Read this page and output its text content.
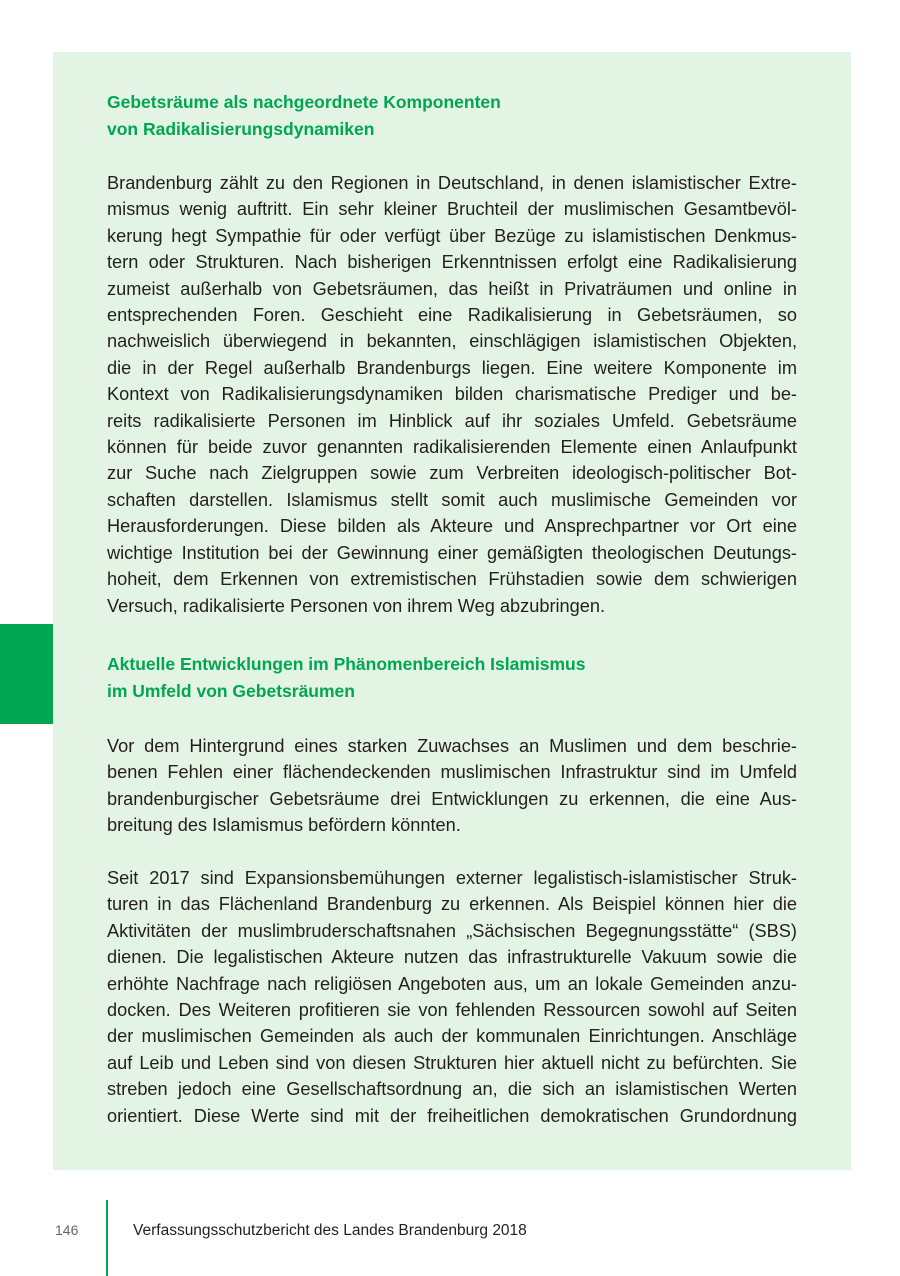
Gebetsräume als nachgeordnete Komponenten
von Radikalisierungsdynamiken
Brandenburg zählt zu den Regionen in Deutschland, in denen islamistischer Extre-
mismus wenig auftritt. Ein sehr kleiner Bruchteil der muslimischen Gesamtbevöl-
kerung hegt Sympathie für oder verfügt über Bezüge zu islamistischen Denkmus-
tern oder Strukturen. Nach bisherigen Erkenntnissen erfolgt eine Radikalisierung
zumeist außerhalb von Gebetsräumen, das heißt in Privaträumen und online in
entsprechenden Foren. Geschieht eine Radikalisierung in Gebetsräumen, so
nachweislich überwiegend in bekannten, einschlägigen islamistischen Objekten,
die in der Regel außerhalb Brandenburgs liegen. Eine weitere Komponente im
Kontext von Radikalisierungsdynamiken bilden charismatische Prediger und be-
reits radikalisierte Personen im Hinblick auf ihr soziales Umfeld. Gebetsräume
können für beide zuvor genannten radikalisierenden Elemente einen Anlaufpunkt
zur Suche nach Zielgruppen sowie zum Verbreiten ideologisch-politischer Bot-
schaften darstellen. Islamismus stellt somit auch muslimische Gemeinden vor
Herausforderungen. Diese bilden als Akteure und Ansprechpartner vor Ort eine
wichtige Institution bei der Gewinnung einer gemäßigten theologischen Deutungs-
hoheit, dem Erkennen von extremistischen Frühstadien sowie dem schwierigen
Versuch, radikalisierte Personen von ihrem Weg abzubringen.
Aktuelle Entwicklungen im Phänomenbereich Islamismus
im Umfeld von Gebetsräumen
Vor dem Hintergrund eines starken Zuwachses an Muslimen und dem beschrie-
benen Fehlen einer flächendeckenden muslimischen Infrastruktur sind im Umfeld
brandenburgischer Gebetsräume drei Entwicklungen zu erkennen, die eine Aus-
breitung des Islamismus befördern könnten.
Seit 2017 sind Expansionsbemühungen externer legalistisch-islamistischer Struk-
turen in das Flächenland Brandenburg zu erkennen. Als Beispiel können hier die
Aktivitäten der muslimbruderschaftsnahen „Sächsischen Begegnungsstätte“ (SBS)
dienen. Die legalistischen Akteure nutzen das infrastrukturelle Vakuum sowie die
erhöhte Nachfrage nach religiösen Angeboten aus, um an lokale Gemeinden anzu-
docken. Des Weiteren profitieren sie von fehlenden Ressourcen sowohl auf Seiten
der muslimischen Gemeinden als auch der kommunalen Einrichtungen. Anschläge
auf Leib und Leben sind von diesen Strukturen hier aktuell nicht zu befürchten. Sie
streben jedoch eine Gesellschaftsordnung an, die sich an islamistischen Werten
orientiert. Diese Werte sind mit der freiheitlichen demokratischen Grundordnung
146	Verfassungsschutzbericht des Landes Brandenburg 2018
